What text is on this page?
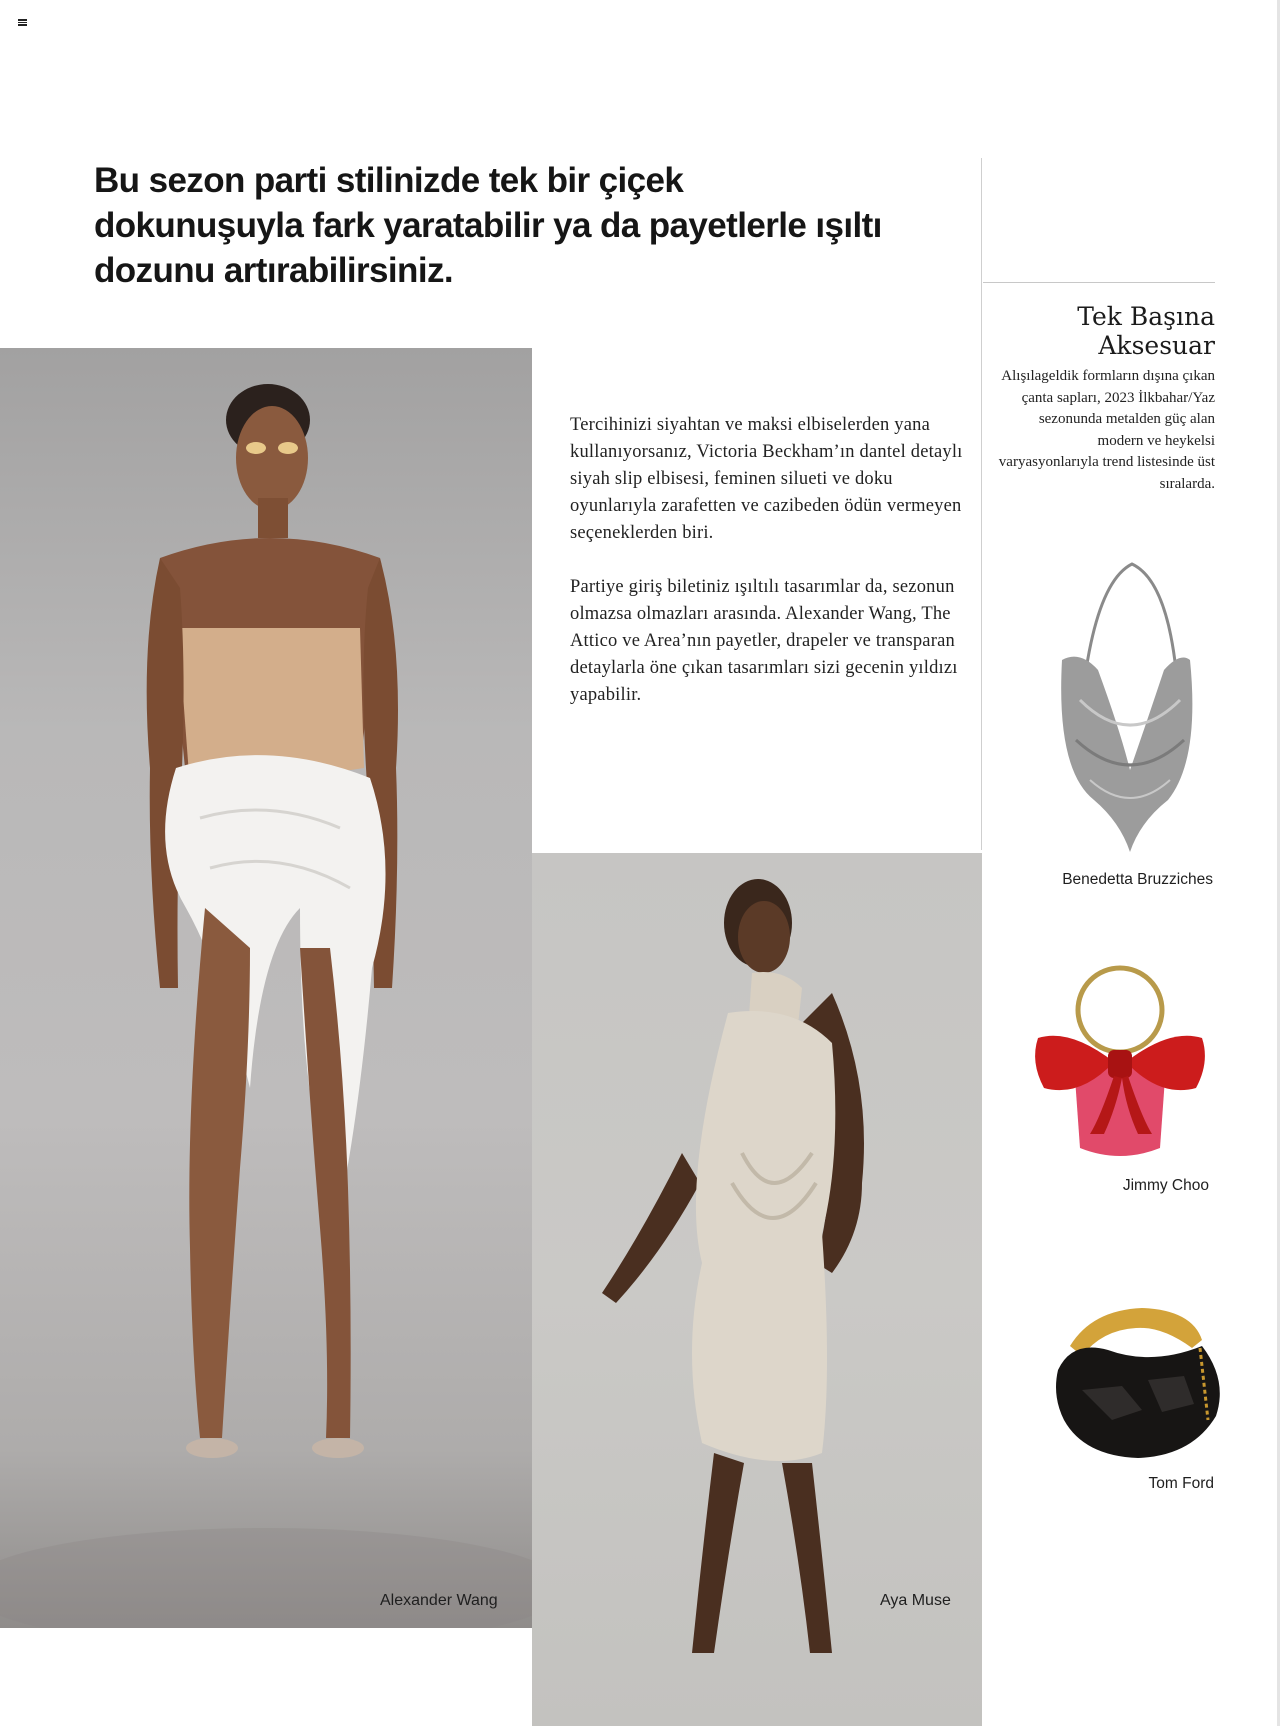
Bu sezon parti stilinizde tek bir çiçek dokunuşuyla fark yaratabilir ya da payetlerle ışıltı dozunu artırabilirsiniz.
Tek Başına Aksesuar

Alışılageldik formların dışına çıkan çanta sapları, 2023 İlkbahar/Yaz sezonunda metalden güç alan modern ve heykelsi varyasyonlarıyla trend listesinde üst sıralarda.

Tercihinizi siyahtan ve maksi elbiselerden yana kullanıyorsanız, Victoria Beckham’ın dantel detaylı siyah slip elbisesi, feminen silueti ve doku oyunlarıyla zarafetten ve cazibeden ödün vermeyen seçeneklerden biri.

Partiye giriş biletiniz ışıltılı tasarımlar da, sezonun olmazsa olmazları arasında. Alexander Wang, The Attico ve Area’nın payetler, drapeler ve transparan detaylarla öne çıkan tasarımları sizi gecenin yıldızı yapabilir.

Alexander Wang	Aya Muse

Benedetta Bruzziches

Jimmy Choo

Tom Ford
